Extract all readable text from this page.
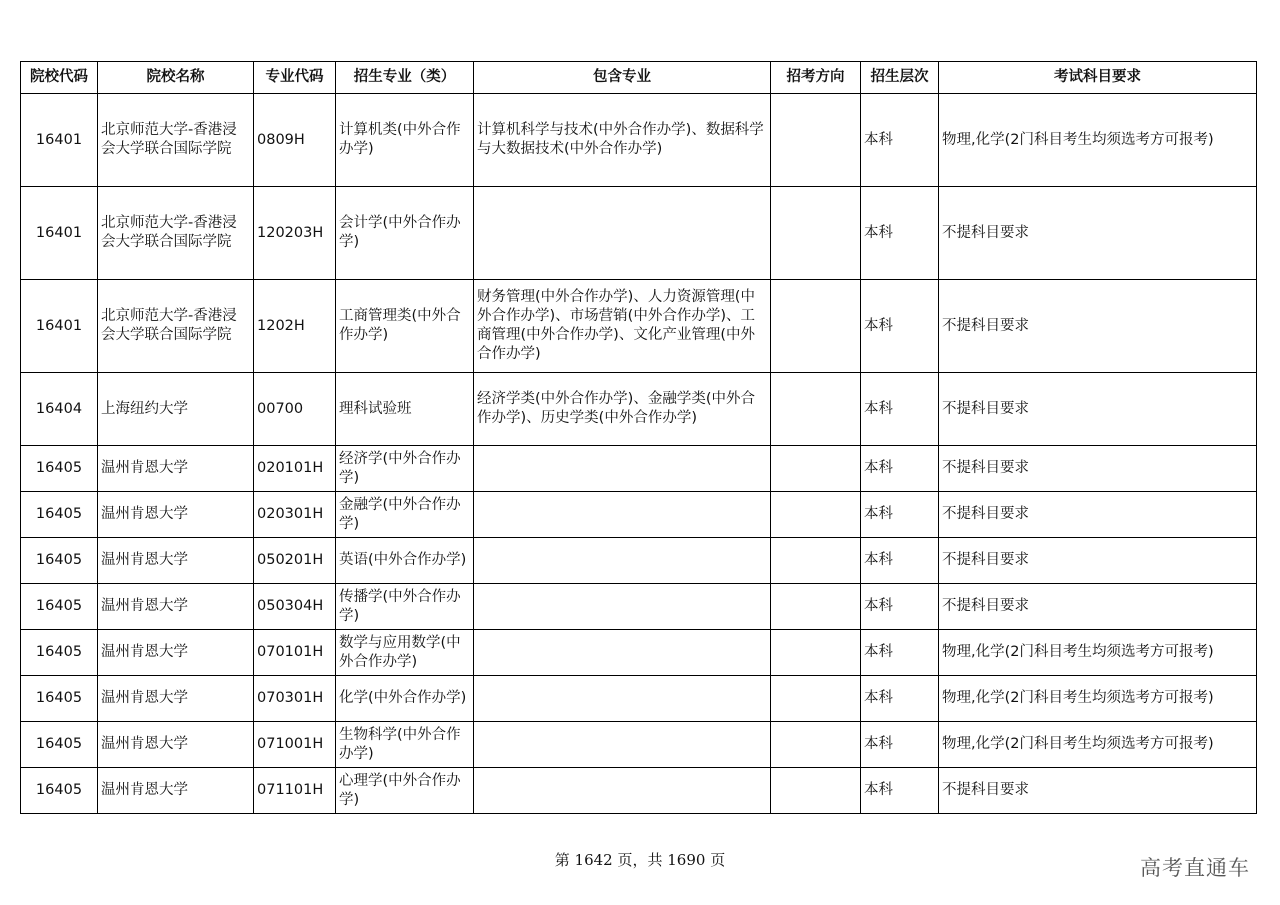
院校代码	院校名称	专业代码	招生专业（类）	包含专业	招考方向	招生层次	考试科目要求
16401	北京师范大学-香港浸会大学联合国际学院	0809H	计算机类(中外合作办学)	计算机科学与技术(中外合作办学)、数据科学与大数据技术(中外合作办学)		本科	物理,化学(2门科目考生均须选考方可报考)
16401	北京师范大学-香港浸会大学联合国际学院	120203H	会计学(中外合作办学)			本科	不提科目要求
16401	北京师范大学-香港浸会大学联合国际学院	1202H	工商管理类(中外合作办学)	财务管理(中外合作办学)、人力资源管理(中外合作办学)、市场营销(中外合作办学)、工商管理(中外合作办学)、文化产业管理(中外合作办学)		本科	不提科目要求
16404	上海纽约大学	00700	理科试验班	经济学类(中外合作办学)、金融学类(中外合作办学)、历史学类(中外合作办学)		本科	不提科目要求
16405	温州肯恩大学	020101H	经济学(中外合作办学)			本科	不提科目要求
16405	温州肯恩大学	020301H	金融学(中外合作办学)			本科	不提科目要求
16405	温州肯恩大学	050201H	英语(中外合作办学)			本科	不提科目要求
16405	温州肯恩大学	050304H	传播学(中外合作办学)			本科	不提科目要求
16405	温州肯恩大学	070101H	数学与应用数学(中外合作办学)			本科	物理,化学(2门科目考生均须选考方可报考)
16405	温州肯恩大学	070301H	化学(中外合作办学)			本科	物理,化学(2门科目考生均须选考方可报考)
16405	温州肯恩大学	071001H	生物科学(中外合作办学)			本科	物理,化学(2门科目考生均须选考方可报考)
16405	温州肯恩大学	071101H	心理学(中外合作办学)			本科	不提科目要求
第 1642 页，共 1690 页	高考直通车
